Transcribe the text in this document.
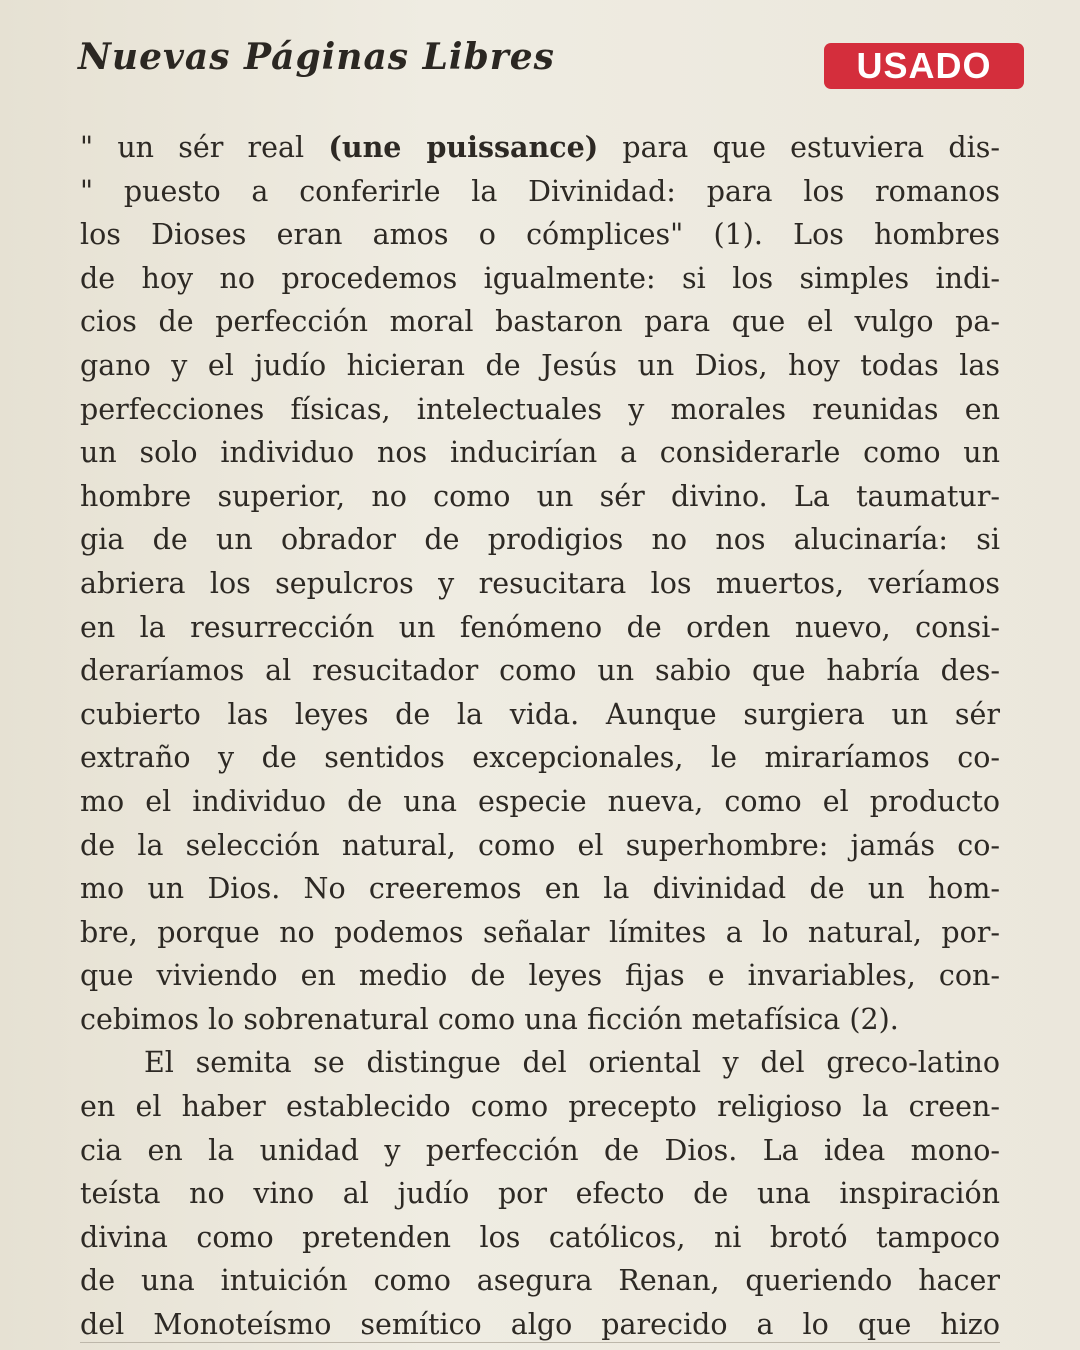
Nuevas Páginas Libres	USADO
" un sér real (une puissance) para que estuviera dis-
" puesto a conferirle la Divinidad: para los romanos
los Dioses eran amos o cómplices" (1). Los hombres
de hoy no procedemos igualmente: si los simples indi-
cios de perfección moral bastaron para que el vulgo pa-
gano y el judío hicieran de Jesús un Dios, hoy todas las
perfecciones físicas, intelectuales y morales reunidas en
un solo individuo nos inducirían a considerarle como un
hombre superior, no como un sér divino. La taumatur-
gia de un obrador de prodigios no nos alucinaría: si
abriera los sepulcros y resucitara los muertos, veríamos
en la resurrección un fenómeno de orden nuevo, consi-
deraríamos al resucitador como un sabio que habría des-
cubierto las leyes de la vida. Aunque surgiera un sér
extraño y de sentidos excepcionales, le miraríamos co-
mo el individuo de una especie nueva, como el producto
de la selección natural, como el superhombre: jamás co-
mo un Dios. No creeremos en la divinidad de un hom-
bre, porque no podemos señalar límites a lo natural, por-
que viviendo en medio de leyes fijas e invariables, con-
cebimos lo sobrenatural como una ficción metafísica (2).
El semita se distingue del oriental y del greco-latino
en el haber establecido como precepto religioso la creen-
cia en la unidad y perfección de Dios. La idea mono-
teísta no vino al judío por efecto de una inspiración
divina como pretenden los católicos, ni brotó tampoco
de una intuición como asegura Renan, queriendo hacer
del Monoteísmo semítico algo parecido a lo que hizo
